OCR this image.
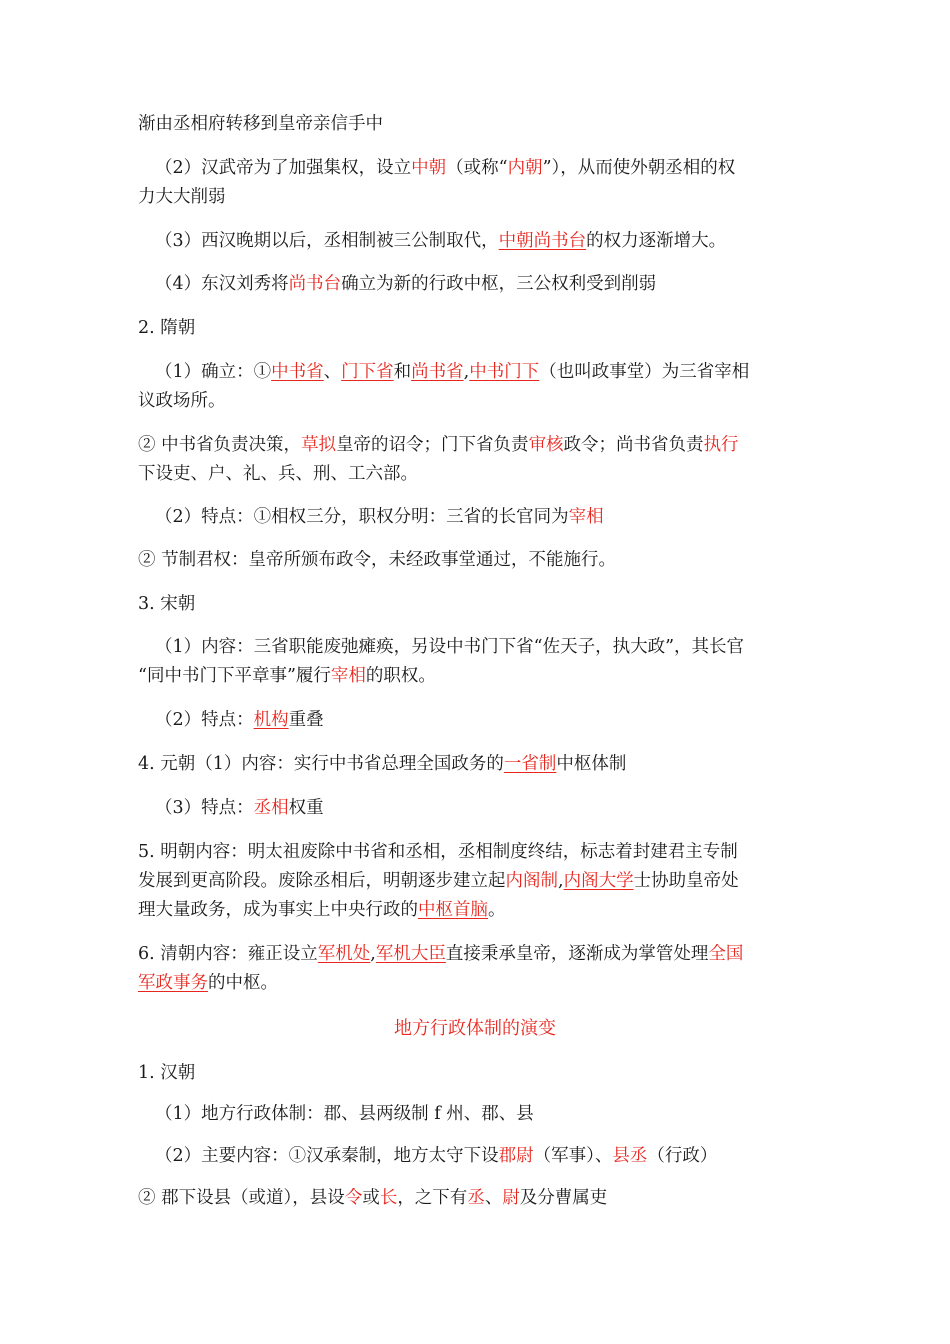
渐由丞相府转移到皇帝亲信手中
（2）汉武帝为了加强集权，设立中朝（或称“内朝”），从而使外朝丞相的权
力大大削弱
（3）西汉晚期以后，丞相制被三公制取代，中朝尚书台的权力逐渐增大。
（4）东汉刘秀将尚书台确立为新的行政中枢，三公权利受到削弱
2. 隋朝
（1）确立：①中书省、门下省和尚书省,中书门下（也叫政事堂）为三省宰相
议政场所。
② 中书省负责决策，草拟皇帝的诏令；门下省负责审核政令；尚书省负责执行
下设吏、户、礼、兵、刑、工六部。
（2）特点：①相权三分，职权分明：三省的长官同为宰相
② 节制君权：皇帝所颁布政令，未经政事堂通过，不能施行。
3. 宋朝
（1）内容：三省职能废弛瘫痪，另设中书门下省“佐天子，执大政”，其长官
“同中书门下平章事”履行宰相的职权。
（2）特点：机构重叠
4. 元朝（1）内容：实行中书省总理全国政务的一省制中枢体制
（3）特点：丞相权重
5. 明朝内容：明太祖废除中书省和丞相，丞相制度终结，标志着封建君主专制
发展到更高阶段。废除丞相后，明朝逐步建立起内阁制,内阁大学士协助皇帝处
理大量政务，成为事实上中央行政的中枢首脑。
6. 清朝内容：雍正设立军机处,军机大臣直接秉承皇帝，逐渐成为掌管处理全国
军政事务的中枢。
地方行政体制的演变
1. 汉朝
（1）地方行政体制：郡、县两级制 f 州、郡、县
（2）主要内容：①汉承秦制，地方太守下设郡尉（军事）、县丞（行政）
② 郡下设县（或道），县设令或长，之下有丞、尉及分曹属吏
